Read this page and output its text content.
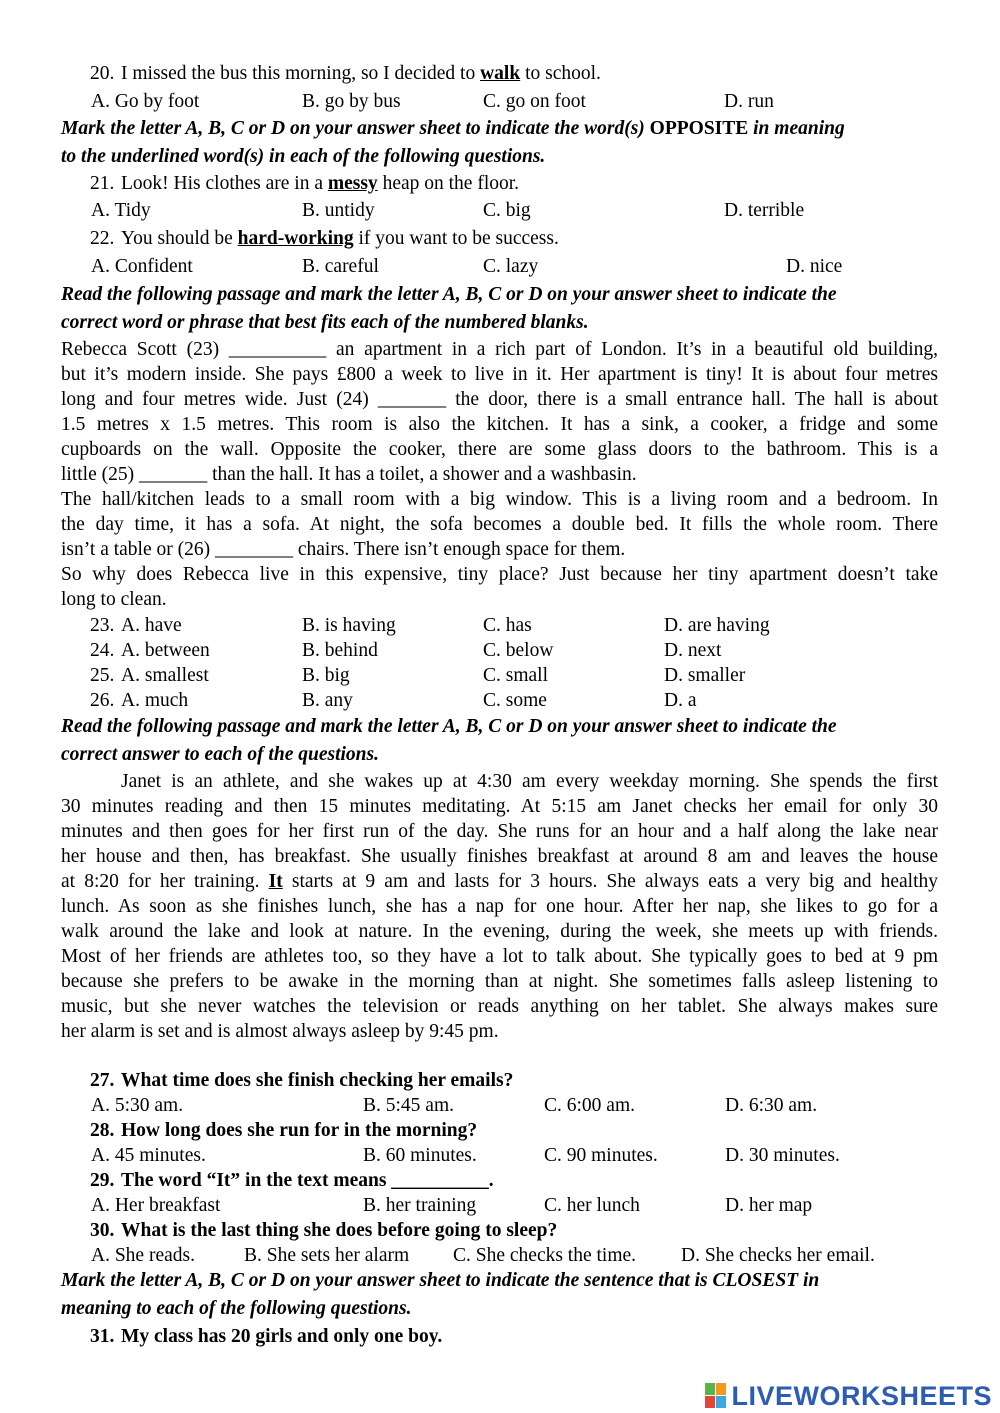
20. I missed the bus this morning, so I decided to walk to school.
A. Go by foot	B. go by bus	C. go on foot	D. run
Mark the letter A, B, C or D on your answer sheet to indicate the word(s) OPPOSITE in meaning
to the underlined word(s) in each of the following questions.
21. Look! His clothes are in a messy heap on the floor.
A. Tidy	B. untidy	C. big	D. terrible
22. You should be hard-working if you want to be success.
A. Confident	B. careful	C. lazy	D. nice
Read the following passage and mark the letter A, B, C or D on your answer sheet to indicate the
correct word or phrase that best fits each of the numbered blanks.
Rebecca Scott (23) __________ an apartment in a rich part of London. It’s in a beautiful old building,
but it’s modern inside. She pays £800 a week to live in it. Her apartment is tiny! It is about four metres
long and four metres wide. Just (24) _______ the door, there is a small entrance hall. The hall is about
1.5 metres x 1.5 metres. This room is also the kitchen. It has a sink, a cooker, a fridge and some
cupboards on the wall. Opposite the cooker, there are some glass doors to the bathroom. This is a
little (25) _______ than the hall. It has a toilet, a shower and a washbasin.
The hall/kitchen leads to a small room with a big window. This is a living room and a bedroom. In
the day time, it has a sofa. At night, the sofa becomes a double bed. It fills the whole room. There
isn’t a table or (26) ________ chairs. There isn’t enough space for them.
So why does Rebecca live in this expensive, tiny place? Just because her tiny apartment doesn’t take
long to clean.
23. A. have	B. is having	C. has	D. are having
24. A. between	B. behind	C. below	D. next
25. A. smallest	B. big	C. small	D. smaller
26. A. much	B. any	C. some	D. a
Read the following passage and mark the letter A, B, C or D on your answer sheet to indicate the
correct answer to each of the questions.
Janet is an athlete, and she wakes up at 4:30 am every weekday morning. She spends the first
30 minutes reading and then 15 minutes meditating. At 5:15 am Janet checks her email for only 30
minutes and then goes for her first run of the day. She runs for an hour and a half along the lake near
her house and then, has breakfast. She usually finishes breakfast at around 8 am and leaves the house
at 8:20 for her training. It starts at 9 am and lasts for 3 hours. She always eats a very big and healthy
lunch. As soon as she finishes lunch, she has a nap for one hour. After her nap, she likes to go for a
walk around the lake and look at nature. In the evening, during the week, she meets up with friends.
Most of her friends are athletes too, so they have a lot to talk about. She typically goes to bed at 9 pm
because she prefers to be awake in the morning than at night. She sometimes falls asleep listening to
music, but she never watches the television or reads anything on her tablet. She always makes sure
her alarm is set and is almost always asleep by 9:45 pm.
27. What time does she finish checking her emails?
A. 5:30 am.	B. 5:45 am.	C. 6:00 am.	D. 6:30 am.
28. How long does she run for in the morning?
A. 45 minutes.	B. 60 minutes.	C. 90 minutes.	D. 30 minutes.
29. The word “It” in the text means __________.
A. Her breakfast	B. her training	C. her lunch	D. her map
30. What is the last thing she does before going to sleep?
A. She reads.	B. She sets her alarm C. She checks the time. D. She checks her email.
Mark the letter A, B, C or D on your answer sheet to indicate the sentence that is CLOSEST in
meaning to each of the following questions.
31. My class has 20 girls and only one boy.
LIVEWORKSHEETS
